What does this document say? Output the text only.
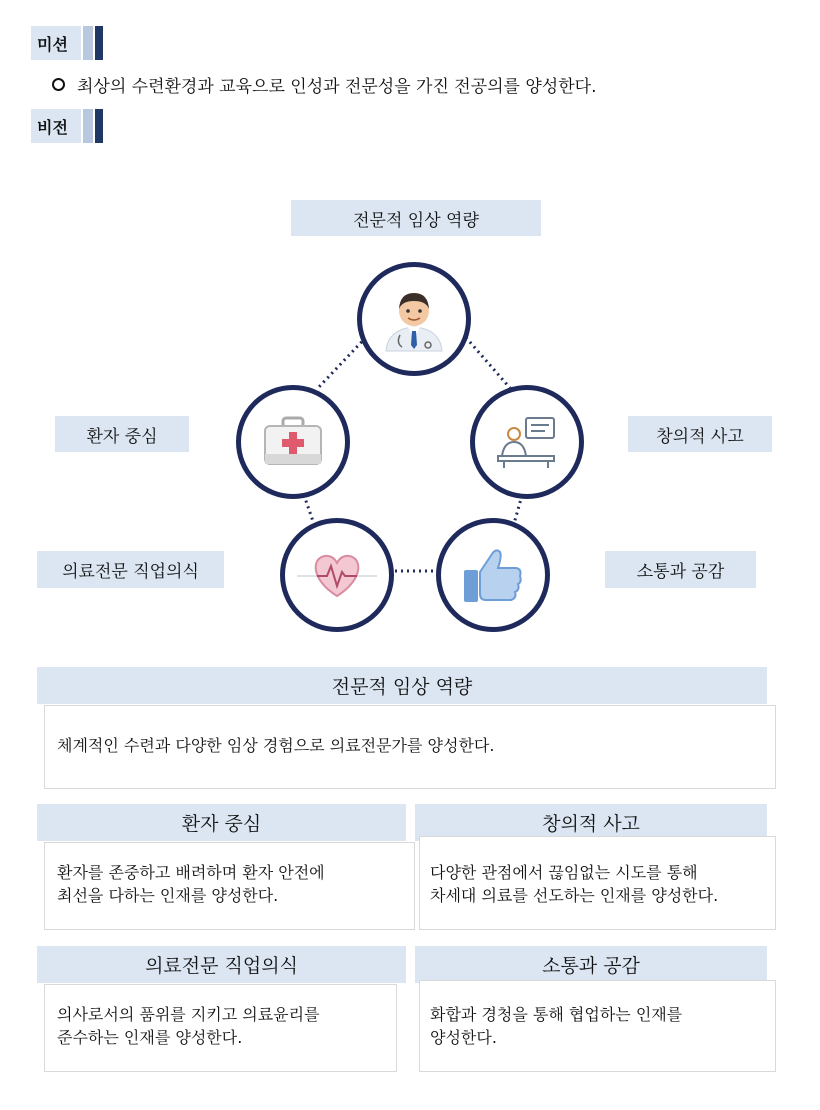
미션
최상의 수련환경과 교육으로 인성과 전문성을 가진 전공의를 양성한다.
비전
전문적 임상 역량
환자 중심	창의적 사고
의료전문 직업의식	소통과 공감
전문적 임상 역량
체계적인 수련과 다양한 임상 경험으로 의료전문가를 양성한다.
환자 중심
환자를 존중하고 배려하며 환자 안전에
최선을 다하는 인재를 양성한다.
창의적 사고
다양한 관점에서 끊임없는 시도를 통해
차세대 의료를 선도하는 인재를 양성한다.
의료전문 직업의식
의사로서의 품위를 지키고 의료윤리를
준수하는 인재를 양성한다.
소통과 공감
화합과 경청을 통해 협업하는 인재를
양성한다.
